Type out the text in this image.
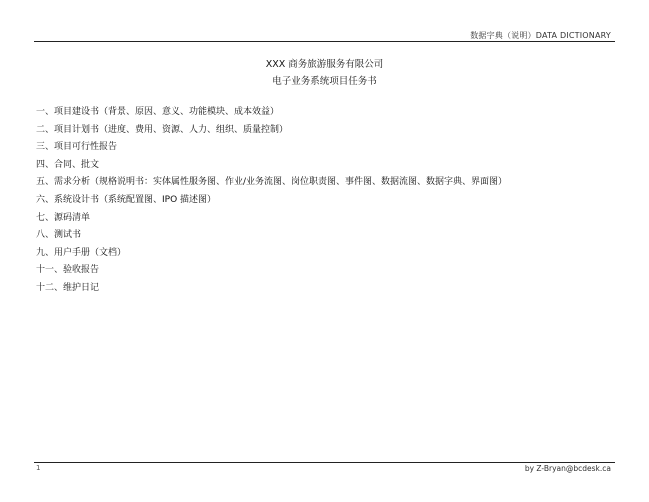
数据字典（说明）DATA DICTIONARY
XXX 商务旅游服务有限公司
电子业务系统项目任务书
一、项目建设书（背景、原因、意义、功能模块、成本效益）
二、项目计划书（进度、费用、资源、人力、组织、质量控制）
三、项目可行性报告
四、合同、批文
五、需求分析（规格说明书：实体属性服务图、作业/业务流图、岗位职责图、事件图、数据流图、数据字典、界面图）
六、系统设计书（系统配置图、IPO 描述图）
七、源码清单
八、测试书
九、用户手册（文档）
十一、验收报告
十二、维护日记
1	by Z-Bryan@bcdesk.ca
